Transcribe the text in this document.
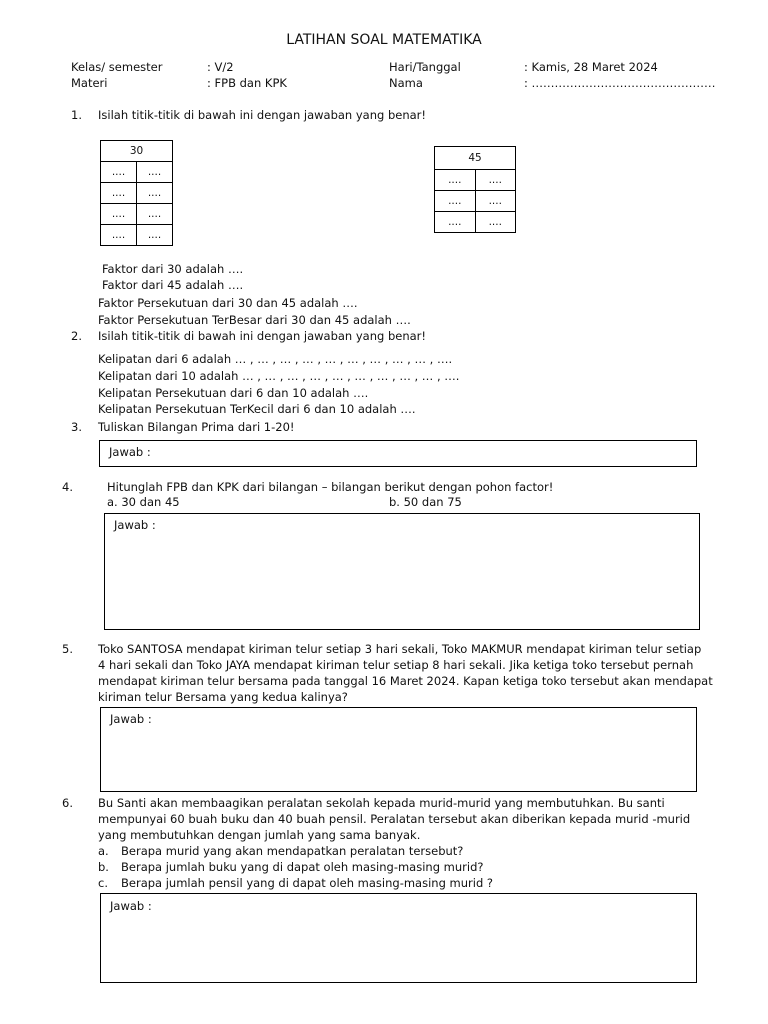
LATIHAN SOAL MATEMATIKA
Kelas/ semester	: V/2
Materi	: FPB dan KPK
Hari/Tanggal	: Kamis, 28 Maret 2024
Nama	: …………………………………………
1. Isilah titik-titik di bawah ini dengan jawaban yang benar!
30	
....	....
....	....
....	....
....	....
45	
....	....
....	....
....	....
Faktor dari 30 adalah ….
Faktor dari 45 adalah ….
Faktor Persekutuan dari 30 dan 45 adalah ….
Faktor Persekutuan TerBesar dari 30 dan 45 adalah ….
2. Isilah titik-titik di bawah ini dengan jawaban yang benar!
Kelipatan dari 6 adalah … , … , … , … , … , … , … , … , … , ….
Kelipatan dari 10 adalah … , … , … , … , … , … , … , … , … , ….
Kelipatan Persekutuan dari 6 dan 10 adalah ….
Kelipatan Persekutuan TerKecil dari 6 dan 10 adalah ….
3. Tuliskan Bilangan Prima dari 1-20!
Jawab :
4.	Hitunglah FPB dan KPK dari bilangan – bilangan berikut dengan pohon factor!
a. 30 dan 45	b. 50 dan 75
Jawab :
5. Toko SANTOSA mendapat kiriman telur setiap 3 hari sekali, Toko MAKMUR mendapat kiriman telur setiap
4 hari sekali dan Toko JAYA mendapat kiriman telur setiap 8 hari sekali. Jika ketiga toko tersebut pernah
mendapat kiriman telur bersama pada tanggal 16 Maret 2024. Kapan ketiga toko tersebut akan mendapat
kiriman telur Bersama yang kedua kalinya?
Jawab :
6. Bu Santi akan membaagikan peralatan sekolah kepada murid-murid yang membutuhkan. Bu santi
mempunyai 60 buah buku dan 40 buah pensil. Peralatan tersebut akan diberikan kepada murid -murid
yang membutuhkan dengan jumlah yang sama banyak.
a. Berapa murid yang akan mendapatkan peralatan tersebut?
b. Berapa jumlah buku yang di dapat oleh masing-masing murid?
c. Berapa jumlah pensil yang di dapat oleh masing-masing murid ?
Jawab :
